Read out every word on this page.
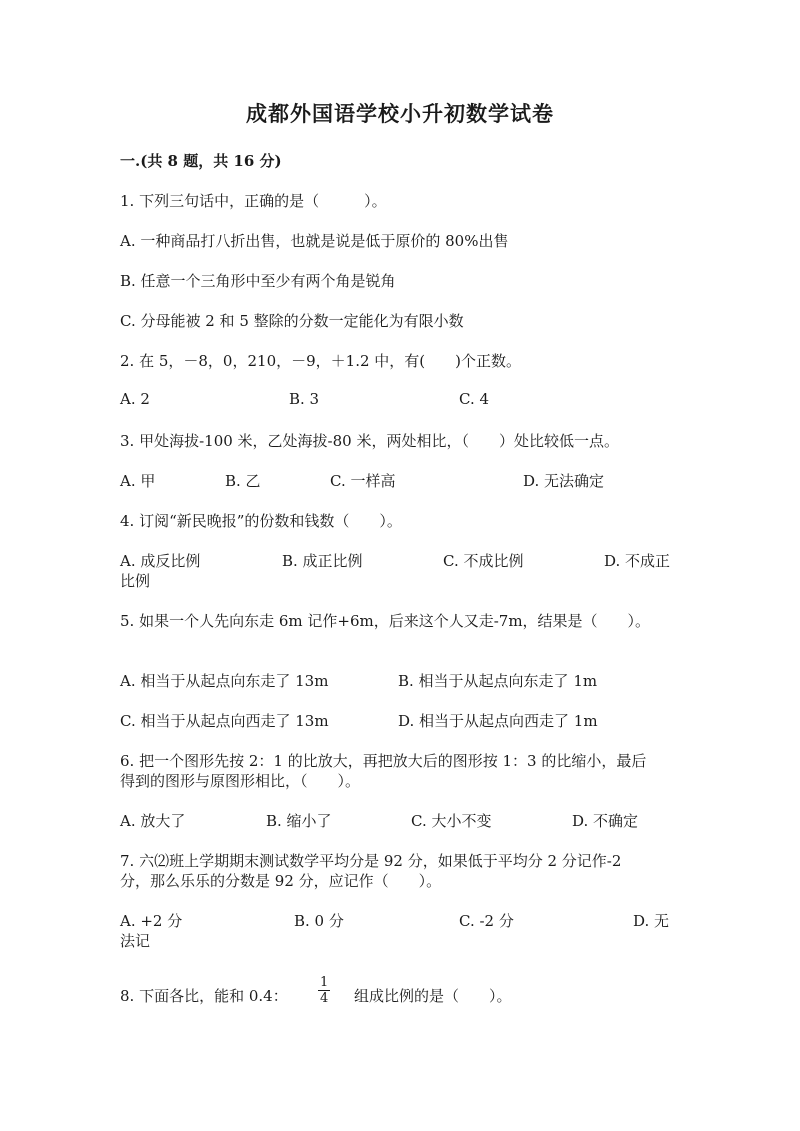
成都外国语学校小升初数学试卷
一.(共 8 题，共 16 分)
1. 下列三句话中，正确的是（　　　）。
A. 一种商品打八折出售，也就是说是低于原价的 80%出售
B. 任意一个三角形中至少有两个角是锐角
C. 分母能被 2 和 5 整除的分数一定能化为有限小数
2. 在 5，－8，0，210，－9，＋1.2 中，有(　　)个正数。
A. 2	B. 3	C. 4
3. 甲处海拔-100 米，乙处海拔-80 米，两处相比，（　　）处比较低一点。
A. 甲	B. 乙	C. 一样高	D. 无法确定
4. 订阅“新民晚报”的份数和钱数（　　）。
A. 成反比例	B. 成正比例	C. 不成比例	D. 不成正
比例
5. 如果一个人先向东走 6m 记作+6m，后来这个人又走-7m，结果是（　　）。
A. 相当于从起点向东走了 13m	B. 相当于从起点向东走了 1m
C. 相当于从起点向西走了 13m	D. 相当于从起点向西走了 1m
6. 把一个图形先按 2：1 的比放大，再把放大后的图形按 1：3 的比缩小，最后
得到的图形与原图形相比，（　　）。
A. 放大了	B. 缩小了	C. 大小不变	D. 不确定
7. 六⑵班上学期期末测试数学平均分是 92 分，如果低于平均分 2 分记作-2
分，那么乐乐的分数是 92 分，应记作（　　）。
A. +2 分	B. 0 分	C. -2 分	D. 无
法记
8. 下面各比，能和 0.4： $\frac{1}{4}$ 组成比例的是（　　）。
